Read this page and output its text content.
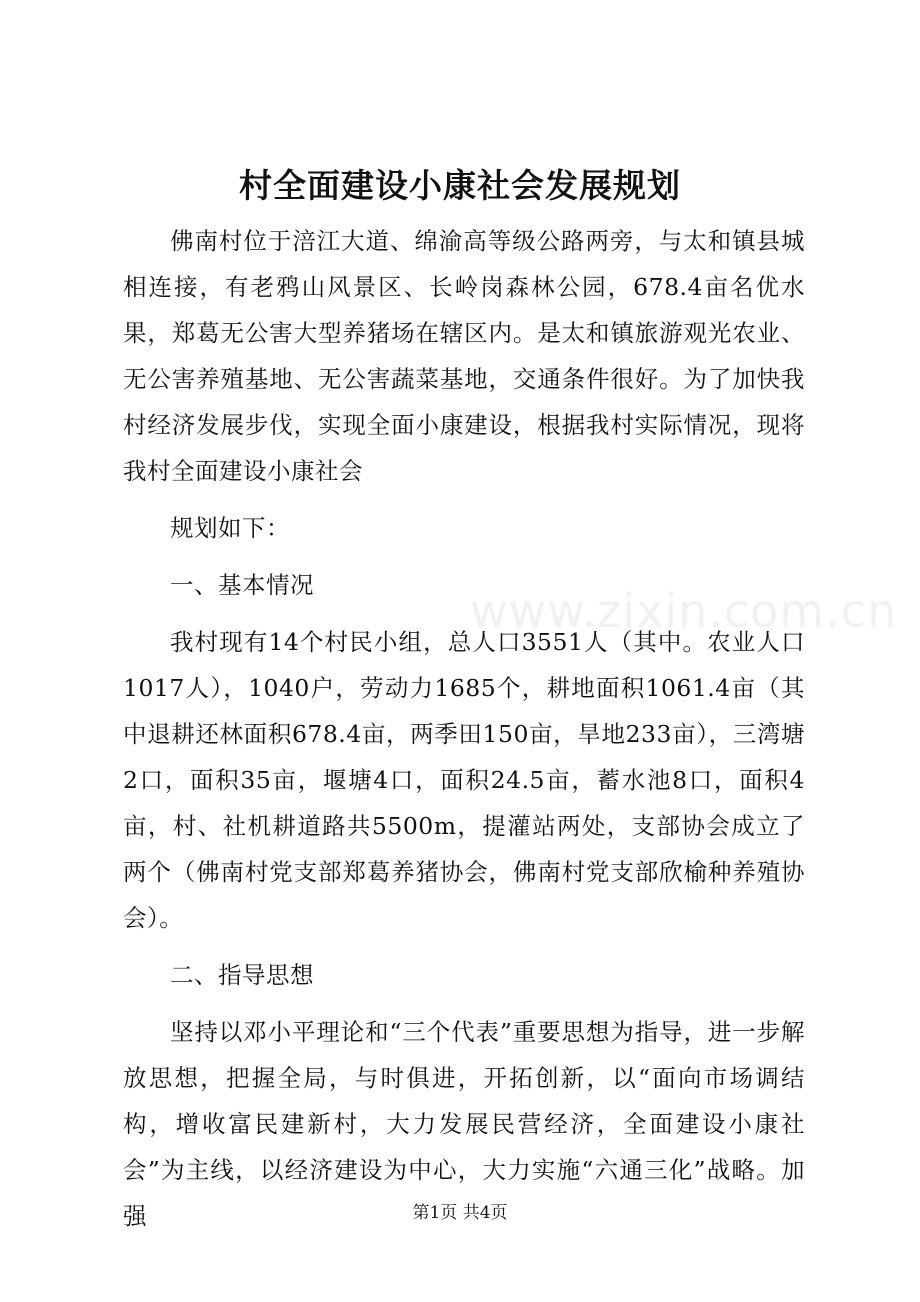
村全面建设小康社会发展规划

佛南村位于涪江大道、绵渝高等级公路两旁，与太和镇县城相连接，有老鸦山风景区、长岭岗森林公园，678.4亩名优水果，郑葛无公害大型养猪场在辖区内。是太和镇旅游观光农业、无公害养殖基地、无公害蔬菜基地，交通条件很好。为了加快我村经济发展步伐，实现全面小康建设，根据我村实际情况，现将我村全面建设小康社会

规划如下：

一、基本情况

我村现有14个村民小组，总人口3551人（其中。农业人口1017人），1040户，劳动力1685个，耕地面积1061.4亩（其中退耕还林面积678.4亩，两季田150亩，旱地233亩），三湾塘2口，面积35亩，堰塘4口，面积24.5亩，蓄水池8口，面积4亩，村、社机耕道路共5500m，提灌站两处，支部协会成立了两个（佛南村党支部郑葛养猪协会，佛南村党支部欣榆种养殖协会）。

二、指导思想

坚持以邓小平理论和“三个代表”重要思想为指导，进一步解放思想，把握全局，与时俱进，开拓创新，以“面向市场调结构，增收富民建新村，大力发展民营经济，全面建设小康社会”为主线，以经济建设为中心，大力实施“六通三化”战略。加强

www.zixin.com.cn
第1页 共4页
